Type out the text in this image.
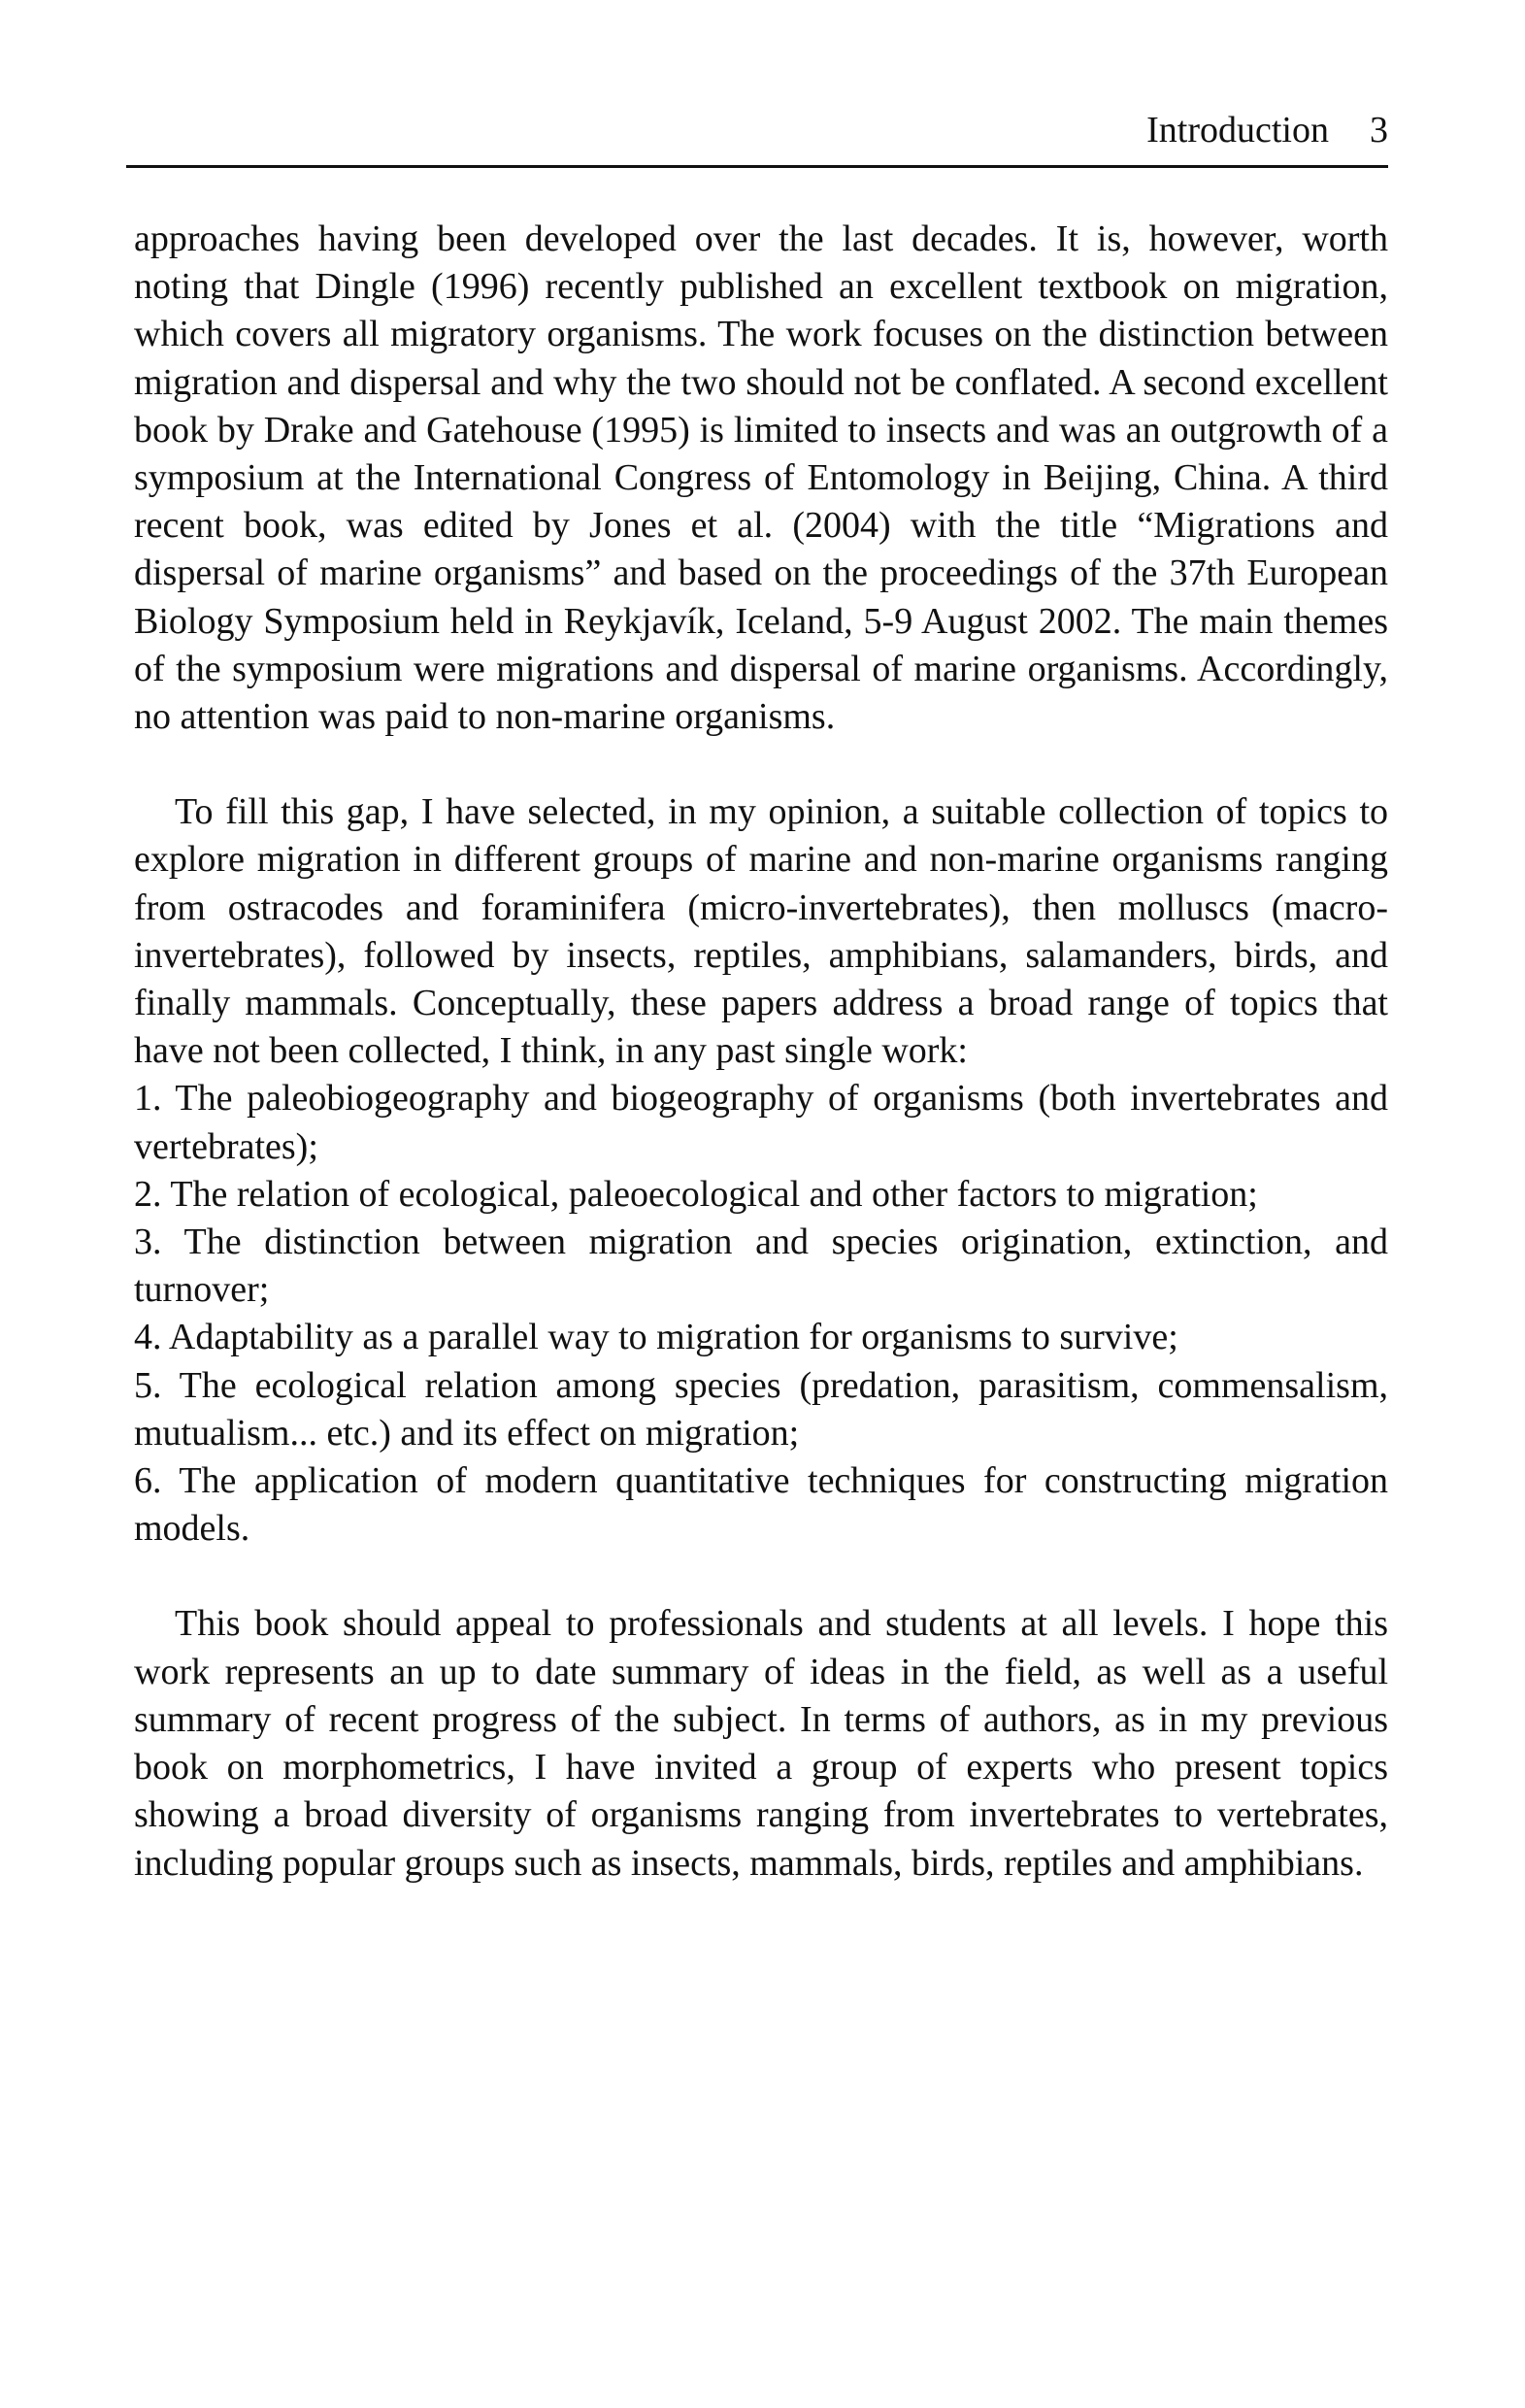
Introduction 3

approaches having been developed over the last decades. It is, however, worth noting that Dingle (1996) recently published an excellent textbook on migration, which covers all migratory organisms. The work focuses on the distinction between migration and dispersal and why the two should not be conflated. A second excellent book by Drake and Gatehouse (1995) is limited to insects and was an outgrowth of a symposium at the International Congress of Entomology in Beijing, China. A third recent book, was edited by Jones et al. (2004) with the title “Migrations and dispersal of marine organisms” and based on the proceedings of the 37th European Biology Symposium held in Reykjavík, Iceland, 5-9 August 2002. The main themes of the symposium were migrations and dispersal of marine organisms. Accordingly, no attention was paid to non-marine organisms.

To fill this gap, I have selected, in my opinion, a suitable collection of topics to explore migration in different groups of marine and non-marine organisms ranging from ostracodes and foraminifera (micro-invertebrates), then molluscs (macro-invertebrates), followed by insects, reptiles, amphibians, salamanders, birds, and finally mammals. Conceptually, these papers address a broad range of topics that have not been collected, I think, in any past single work:

1. The paleobiogeography and biogeography of organisms (both invertebrates and vertebrates);

2. The relation of ecological, paleoecological and other factors to migration;

3. The distinction between migration and species origination, extinction, and turnover;

4. Adaptability as a parallel way to migration for organisms to survive;

5. The ecological relation among species (predation, parasitism, commensalism, mutualism... etc.) and its effect on migration;

6. The application of modern quantitative techniques for constructing migration models.

This book should appeal to professionals and students at all levels. I hope this work represents an up to date summary of ideas in the field, as well as a useful summary of recent progress of the subject. In terms of authors, as in my previous book on morphometrics, I have invited a group of experts who present topics showing a broad diversity of organisms ranging from invertebrates to vertebrates, including popular groups such as insects, mammals, birds, reptiles and amphibians.
